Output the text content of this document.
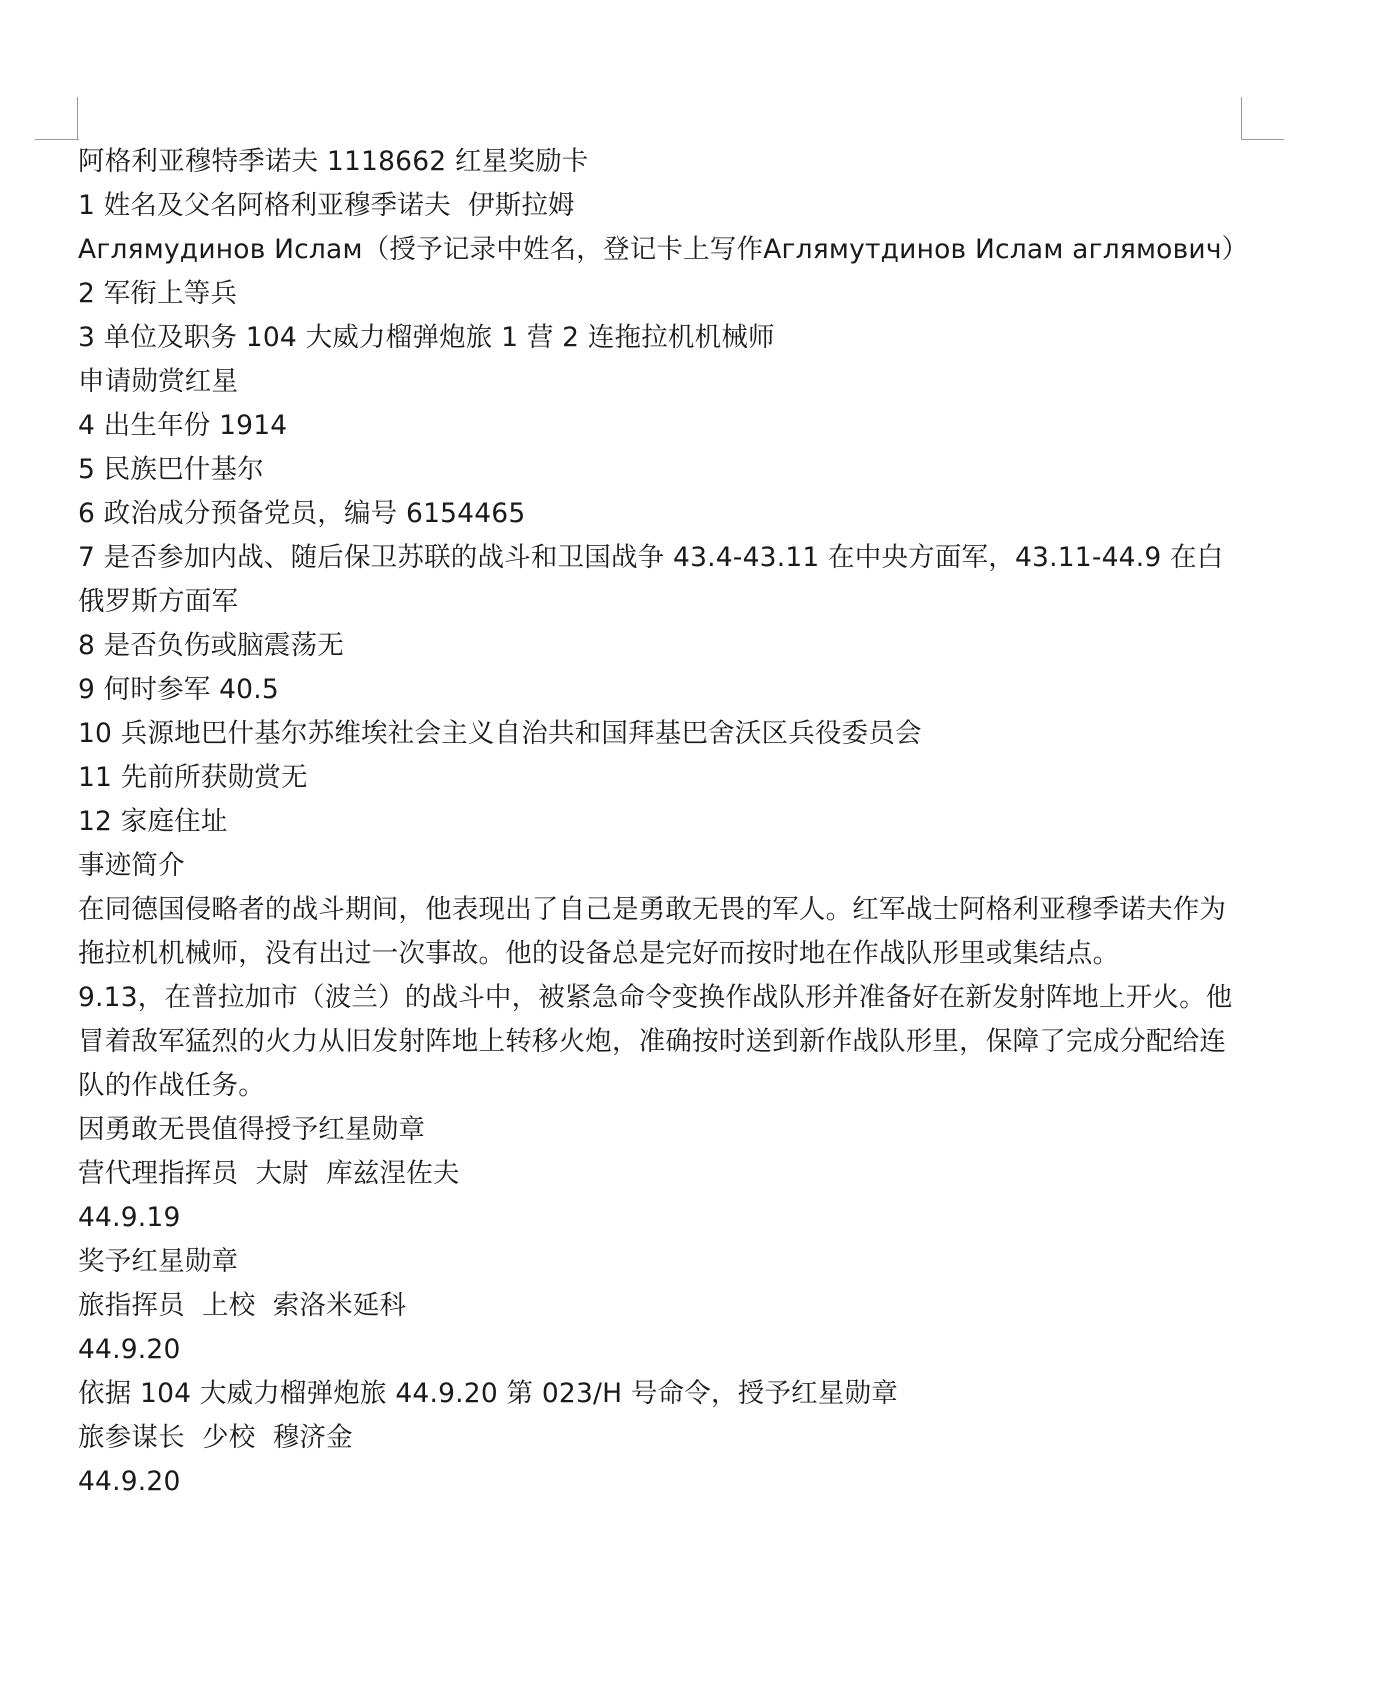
阿格利亚穆特季诺夫 1118662 红星奖励卡

1 姓名及父名阿格利亚穆季诺夫  伊斯拉姆

Аглямудинов Ислам（授予记录中姓名，登记卡上写作Аглямутдинов Ислам аглямович）

2 军衔上等兵

3 单位及职务 104 大威力榴弹炮旅 1 营 2 连拖拉机机械师

申请勋赏红星

4 出生年份 1914

5 民族巴什基尔

6 政治成分预备党员，编号 6154465

7 是否参加内战、随后保卫苏联的战斗和卫国战争 43.4-43.11 在中央方面军，43.11-44.9 在白俄罗斯方面军

8 是否负伤或脑震荡无

9 何时参军 40.5

10 兵源地巴什基尔苏维埃社会主义自治共和国拜基巴舍沃区兵役委员会

11 先前所获勋赏无

12 家庭住址

事迹简介

在同德国侵略者的战斗期间，他表现出了自己是勇敢无畏的军人。红军战士阿格利亚穆季诺夫作为拖拉机机械师，没有出过一次事故。他的设备总是完好而按时地在作战队形里或集结点。

9.13，在普拉加市（波兰）的战斗中，被紧急命令变换作战队形并准备好在新发射阵地上开火。他冒着敌军猛烈的火力从旧发射阵地上转移火炮，准确按时送到新作战队形里，保障了完成分配给连队的作战任务。

因勇敢无畏值得授予红星勋章

营代理指挥员  大尉  库兹涅佐夫

44.9.19

奖予红星勋章

旅指挥员  上校  索洛米延科

44.9.20

依据 104 大威力榴弹炮旅 44.9.20 第 023/H 号命令，授予红星勋章

旅参谋长  少校  穆济金

44.9.20
